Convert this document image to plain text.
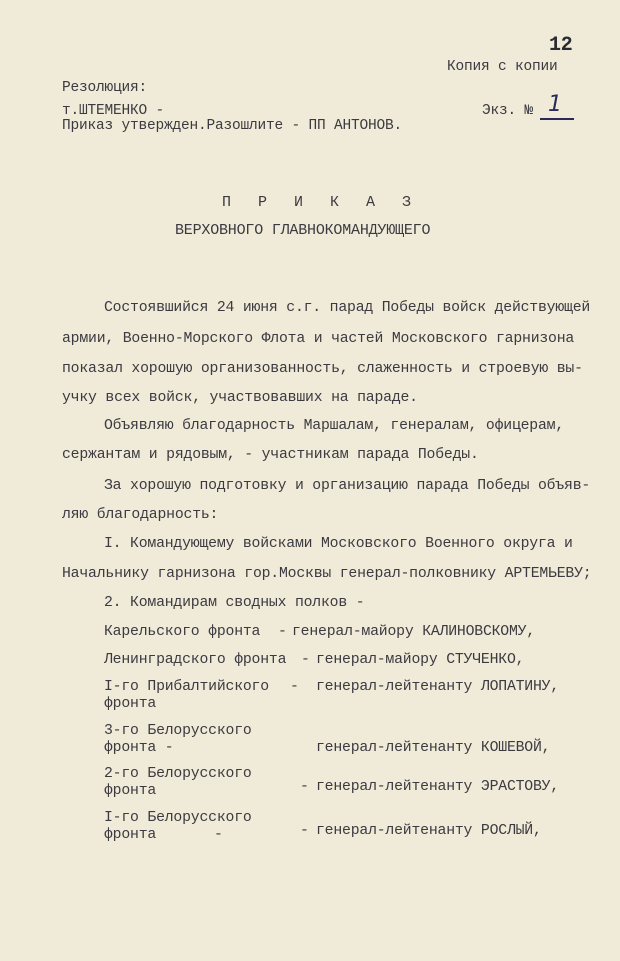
12
Копия с копии
Резолюция:
т.ШТЕМЕНКО -	Экз. № 1
Приказ утвержден.Разошлите - ПП АНТОНОВ.
П Р И К А З
ВЕРХОВНОГО ГЛАВНОКОМАНДУЮЩЕГО
Состоявшийся 24 июня с.г. парад Победы войск действующей
армии, Военно-Морского Флота и частей Московского гарнизона
показал хорошую организованность, слаженность и строевую вы-
учку всех войск, участвовавших на параде.
Объявляю благодарность Маршалам, генералам, офицерам,
сержантам и рядовым, - участникам парада Победы.
За хорошую подготовку и организацию парада Победы объяв-
ляю благодарность:
I. Командующему войсками Московского Военного округа и
Начальнику гарнизона гор.Москвы генерал-полковнику АРТЕМЬЕВУ;
2. Командирам сводных полков -
Карельского фронта - генерал-майору КАЛИНОВСКОМУ,
Ленинградского фронта - генерал-майору СТУЧЕНКО,
I-го Прибалтийского
фронта
- генерал-лейтенанту ЛОПАТИНУ,
3-го Белорусского
фронта -	генерал-лейтенанту КОШЕВОЙ,
2-го Белорусского
фронта	- генерал-лейтенанту ЭРАСТОВУ,
I-го Белорусского
фронта	-	- генерал-лейтенанту РОСЛЫЙ,
